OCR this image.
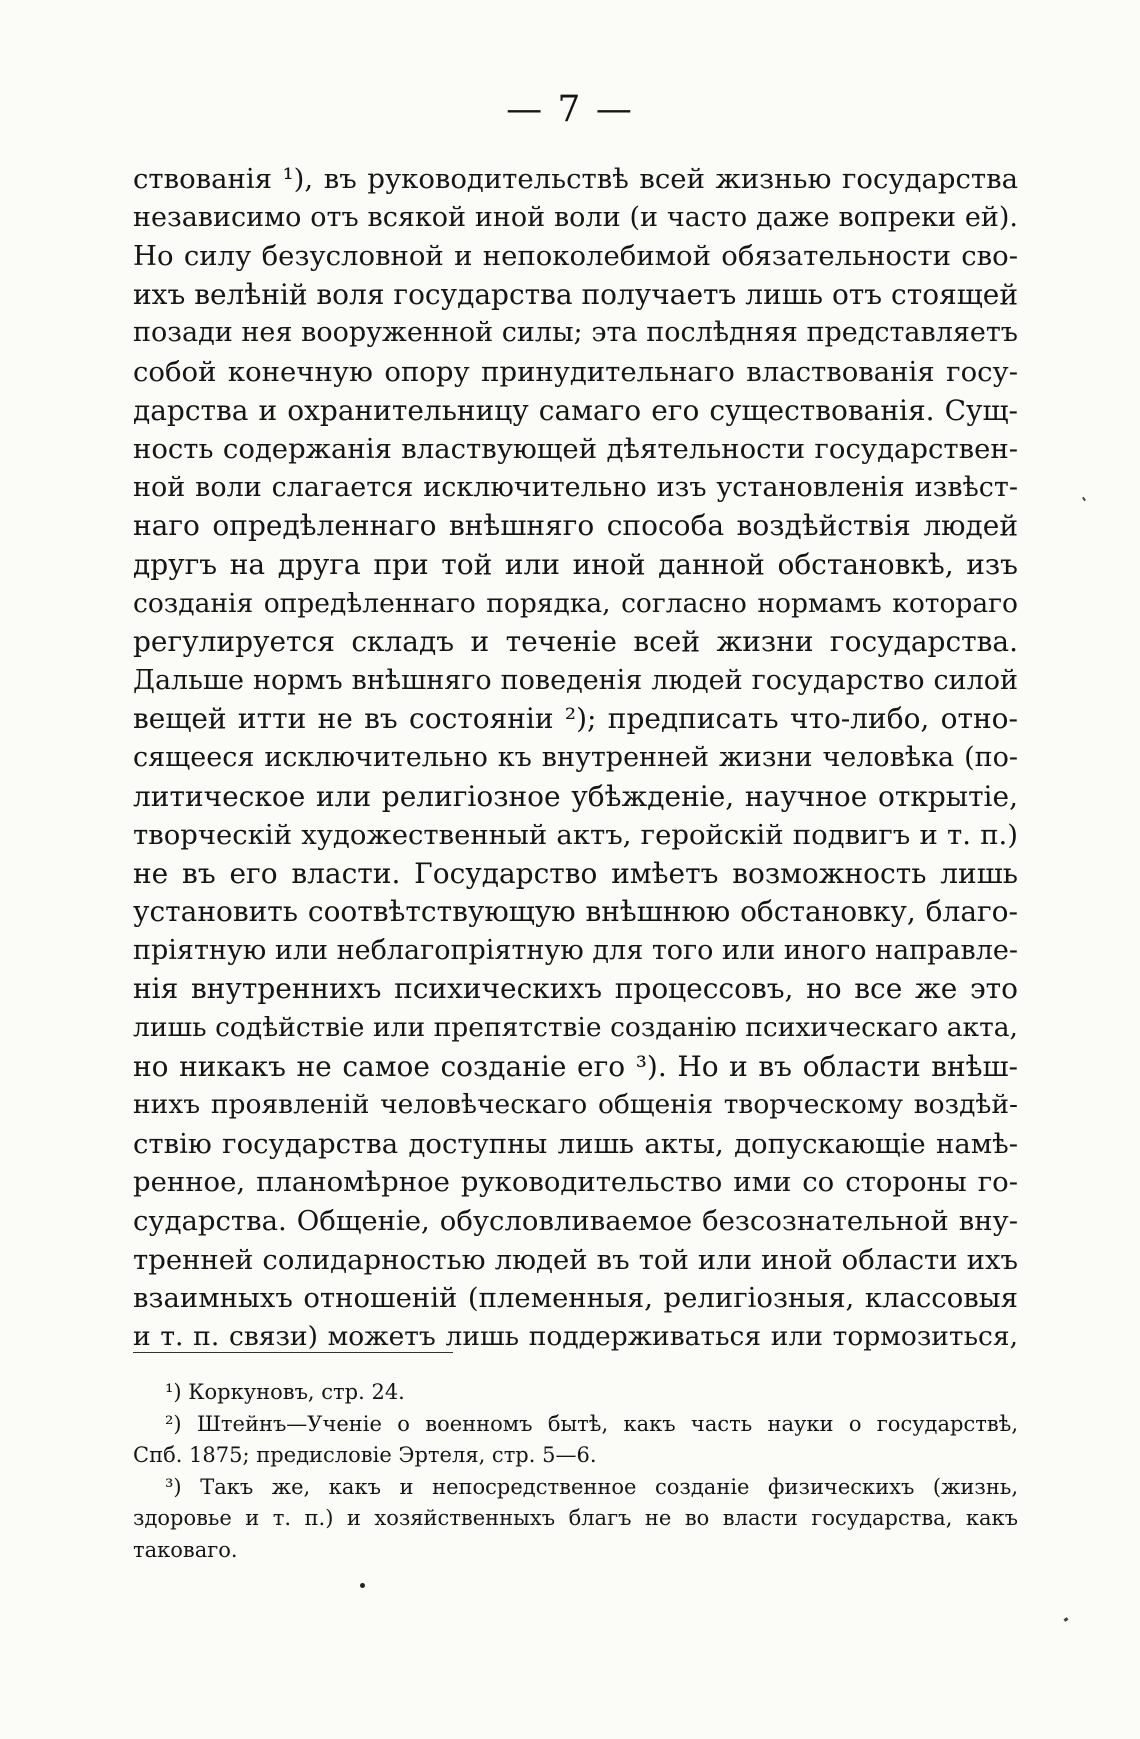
— 7 —
ствованія ¹), въ руководительствѣ всей жизнью государства
независимо отъ всякой иной воли (и часто даже вопреки ей).
Но силу безусловной и непоколебимой обязательности сво-
ихъ велѣній воля государства получаетъ лишь отъ стоящей
позади нея вооруженной силы; эта послѣдняя представляетъ
собой конечную опору принудительнаго властвованія госу-
дарства и охранительницу самаго его существованія. Сущ-
ность содержанія властвующей дѣятельности государствен-
ной воли слагается исключительно изъ установленія извѣст-
наго опредѣленнаго внѣшняго способа воздѣйствія людей
другъ на друга при той или иной данной обстановкѣ, изъ
созданія опредѣленнаго порядка, согласно нормамъ котораго
регулируется складъ и теченіе всей жизни государства.
Дальше нормъ внѣшняго поведенія людей государство силой
вещей итти не въ состояніи ²); предписать что-либо, отно-
сящееся исключительно къ внутренней жизни человѣка (по-
литическое или религіозное убѣжденіе, научное открытіе,
творческій художественный актъ, геройскій подвигъ и т. п.)
не въ его власти. Государство имѣетъ возможность лишь
установить соотвѣтствующую внѣшнюю обстановку, благо-
пріятную или неблагопріятную для того или иного направле-
нія внутреннихъ психическихъ процессовъ, но все же это
лишь содѣйствіе или препятствіе созданію психическаго акта,
но никакъ не самое созданіе его ³). Но и въ области внѣш-
нихъ проявленій человѣческаго общенія творческому воздѣй-
ствію государства доступны лишь акты, допускающіе намѣ-
ренное, планомѣрное руководительство ими со стороны го-
сударства. Общеніе, обусловливаемое безсознательной вну-
тренней солидарностью людей въ той или иной области ихъ
взаимныхъ отношеній (племенныя, религіозныя, классовыя
и т. п. связи) можетъ лишь поддерживаться или тормозиться,
¹) Коркуновъ, стр. 24.
²) Штейнъ—Ученіе о военномъ бытѣ, какъ часть науки о государствѣ,
Спб. 1875; предисловіе Эртеля, стр. 5—6.
³) Такъ же, какъ и непосредственное созданіе физическихъ (жизнь,
здоровье и т. п.) и хозяйственныхъ благъ не во власти государства, какъ
таковаго.
